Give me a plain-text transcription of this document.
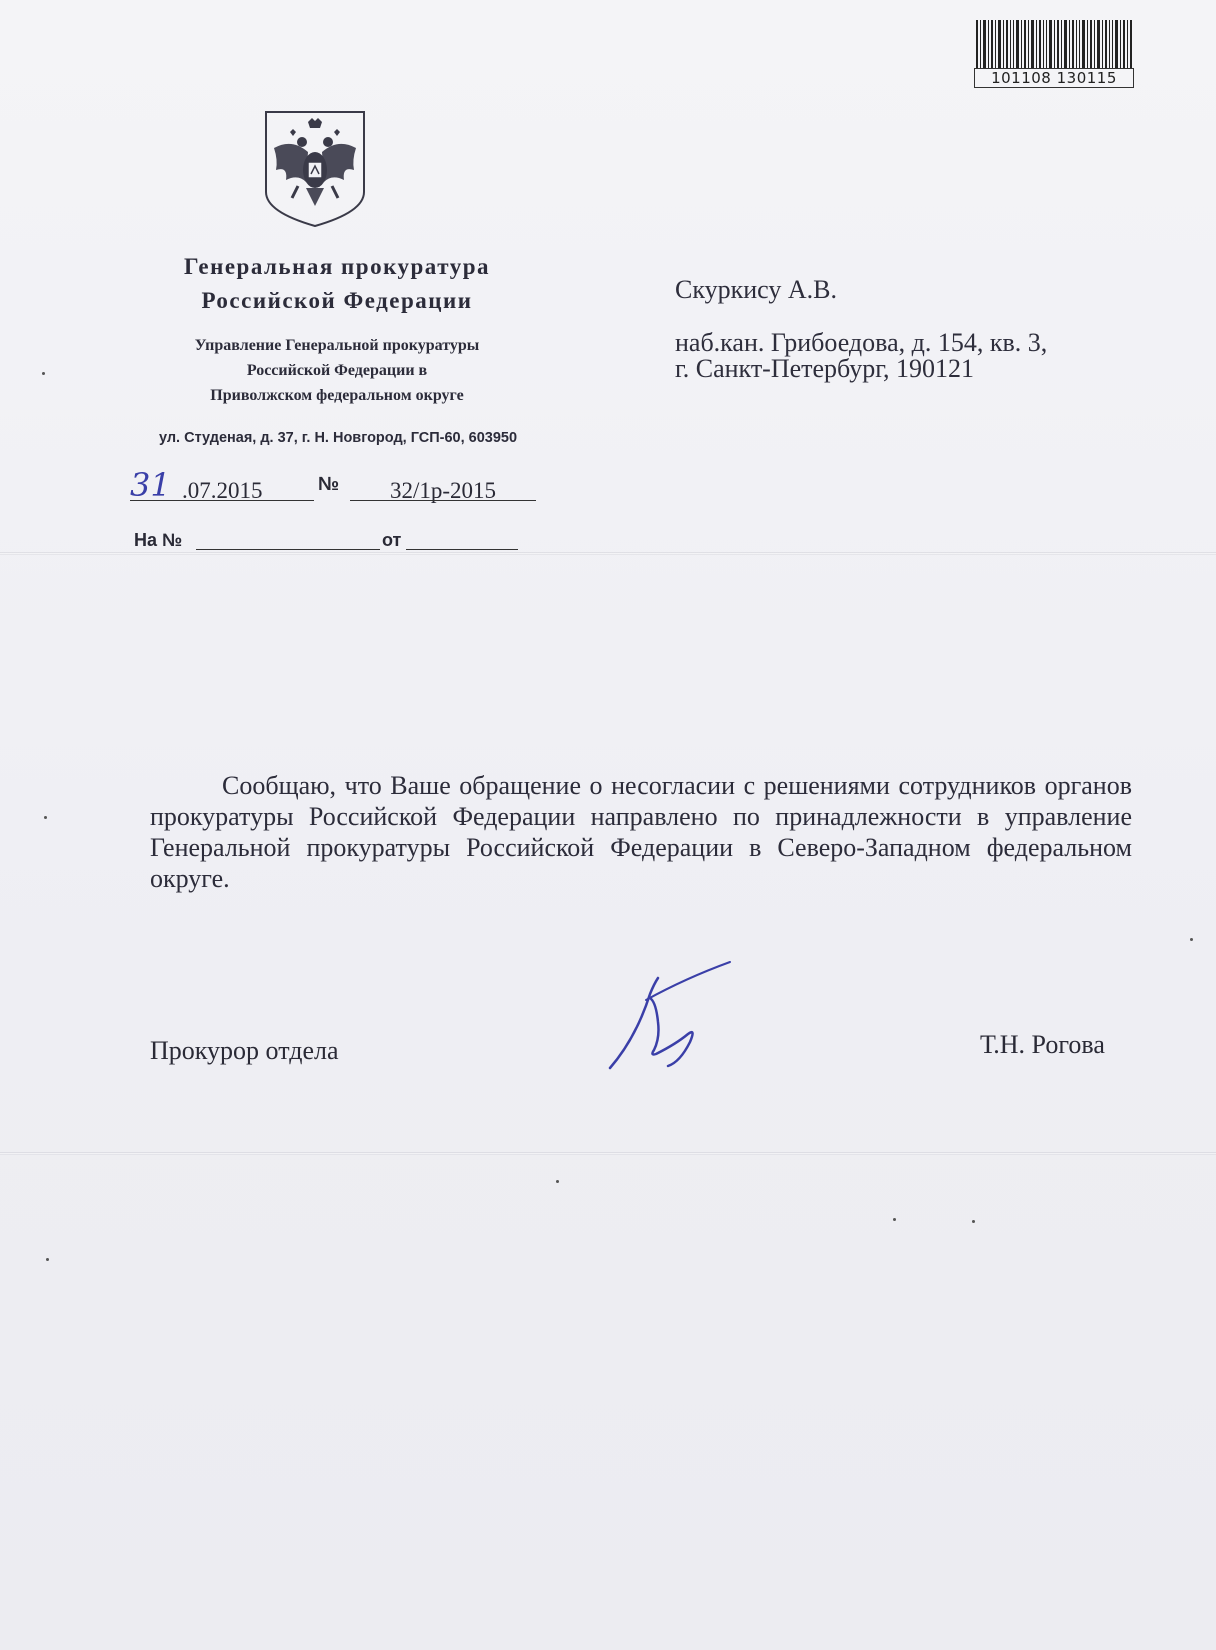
101108 130115
Генеральная прокуратура
Российской Федерации
Управление Генеральной прокуратуры
Российской Федерации в
Приволжском федеральном округе
ул. Студеная, д. 37, г. Н. Новгород, ГСП-60, 603950
31 .07.2015	№ 32/1р-2015
На №	от
Скуркису А.В.
наб.кан. Грибоедова, д. 154, кв. 3,
г. Санкт-Петербург, 190121
Сообщаю, что Ваше обращение о несогласии с решениями сотрудников органов прокуратуры Российской Федерации направлено по принадлежности в управление Генеральной прокуратуры Российской Федерации в Северо-Западном федеральном округе.
Прокурор отдела	Т.Н. Рогова
